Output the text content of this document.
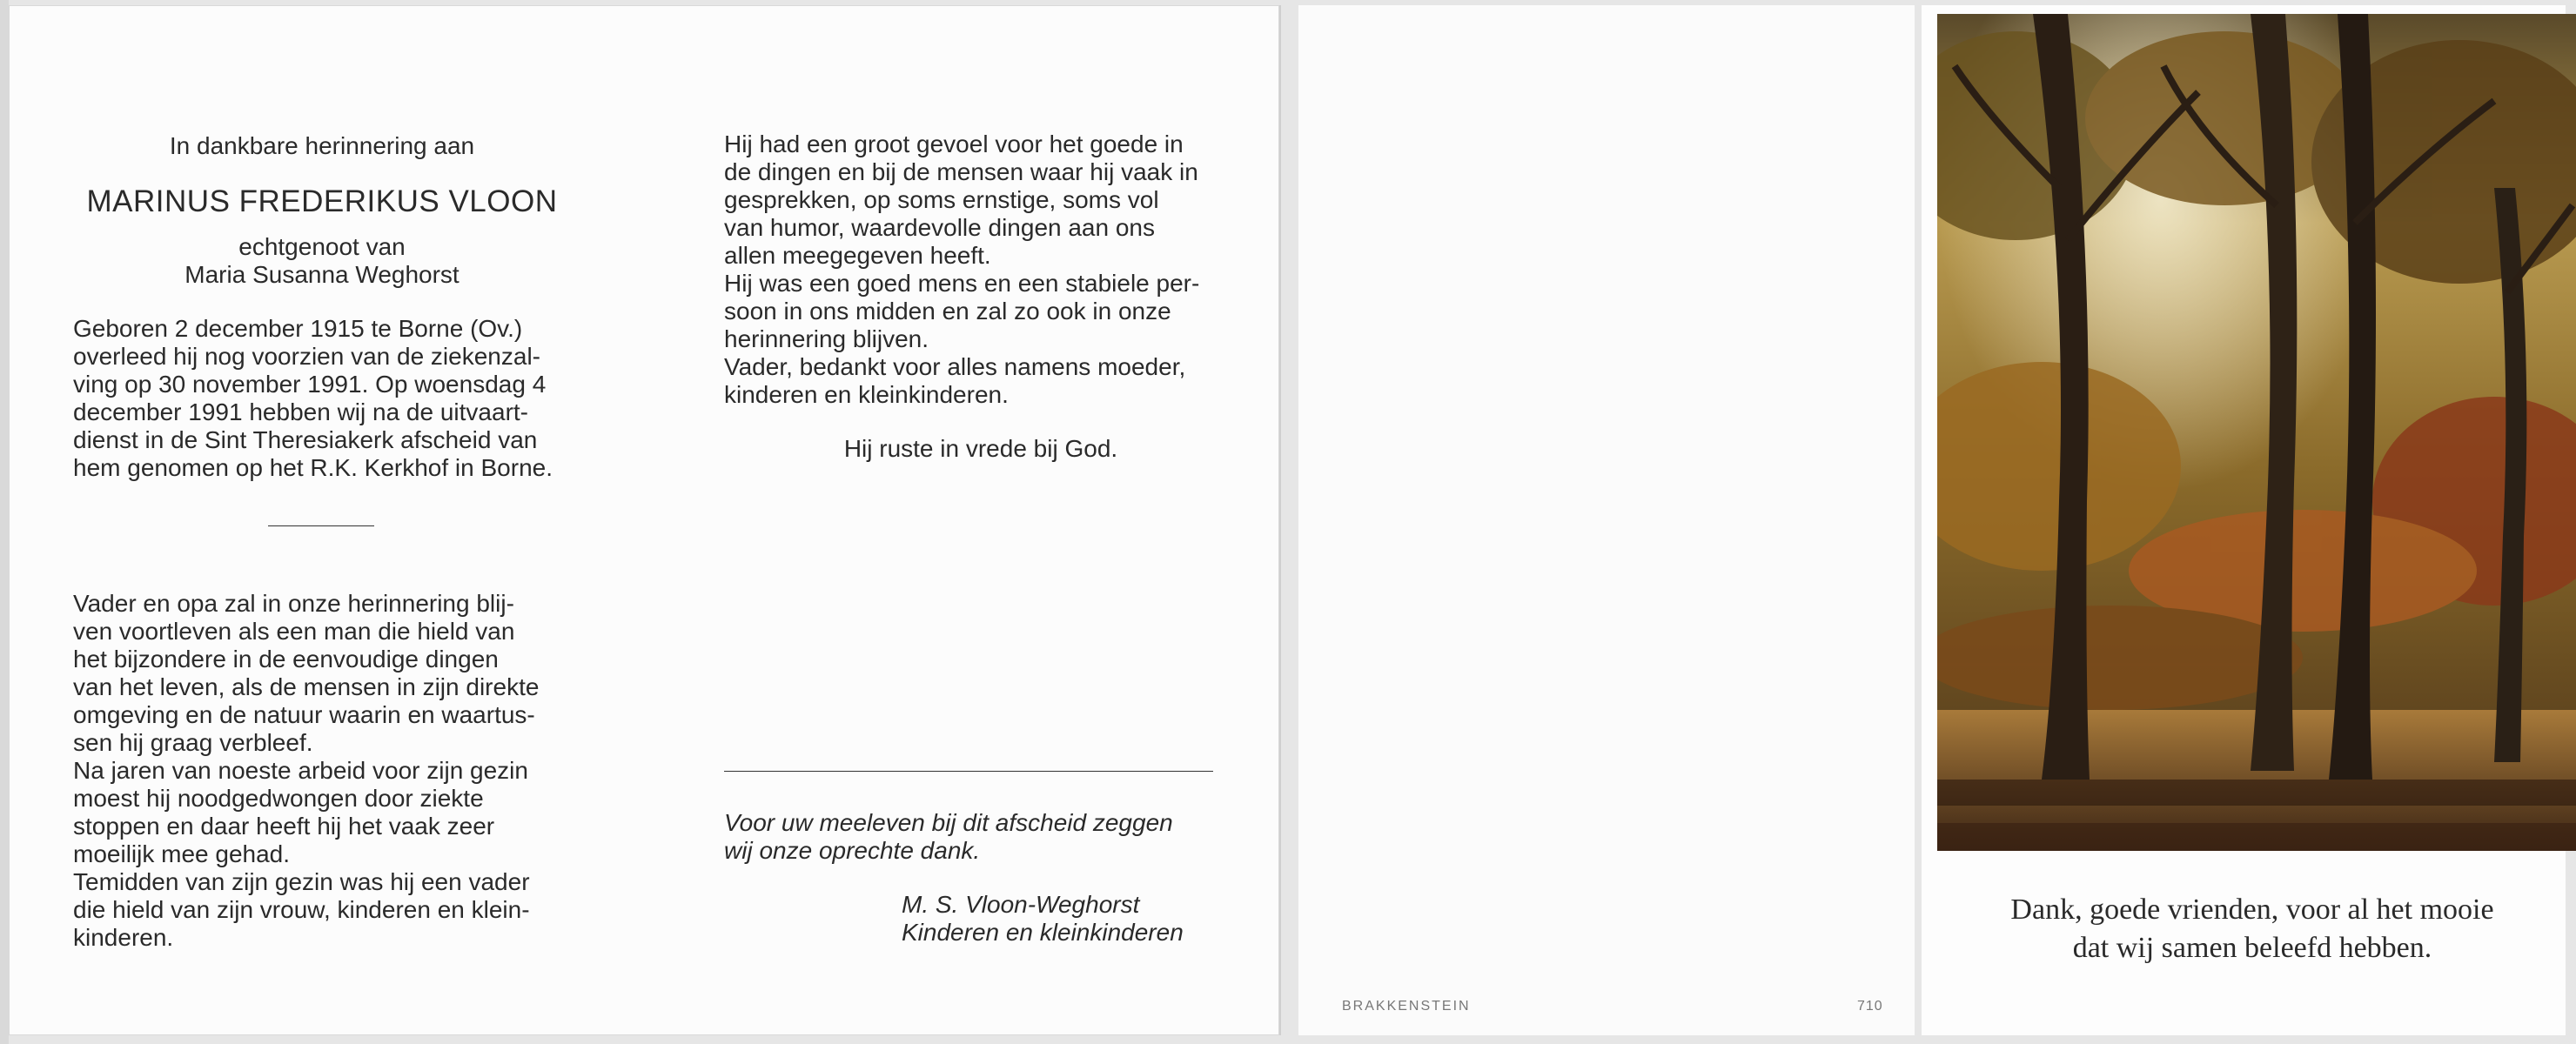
In dankbare herinnering aan

MARINUS FREDERIKUS VLOON

echtgenoot van

Maria Susanna Weghorst

Geboren 2 december 1915 te Borne (Ov.)
overleed hij nog voorzien van de ziekenzal-
ving op 30 november 1991. Op woensdag 4
december 1991 hebben wij na de uitvaart-
dienst in de Sint Theresiakerk afscheid van
hem genomen op het R.K. Kerkhof in Borne.
Vader en opa zal in onze herinnering blij-
ven voortleven als een man die hield van
het bijzondere in de eenvoudige dingen
van het leven, als de mensen in zijn direkte
omgeving en de natuur waarin en waartus-
sen hij graag verbleef.
Na jaren van noeste arbeid voor zijn gezin
moest hij noodgedwongen door ziekte
stoppen en daar heeft hij het vaak zeer
moeilijk mee gehad.
Temidden van zijn gezin was hij een vader
die hield van zijn vrouw, kinderen en klein-
kinderen.
Hij had een groot gevoel voor het goede in
de dingen en bij de mensen waar hij vaak in
gesprekken, op soms ernstige, soms vol
van humor, waardevolle dingen aan ons
allen meegegeven heeft.
Hij was een goed mens en een stabiele per-
soon in ons midden en zal zo ook in onze
herinnering blijven.
Vader, bedankt voor alles namens moeder,
kinderen en kleinkinderen.
Hij ruste in vrede bij God.
Voor uw meeleven bij dit afscheid zeggen
wij onze oprechte dank.
M. S. Vloon-Weghorst
Kinderen en kleinkinderen
BRAKKENSTEIN	710
Dank, goede vrienden, voor al het mooie
dat wij samen beleefd hebben.
